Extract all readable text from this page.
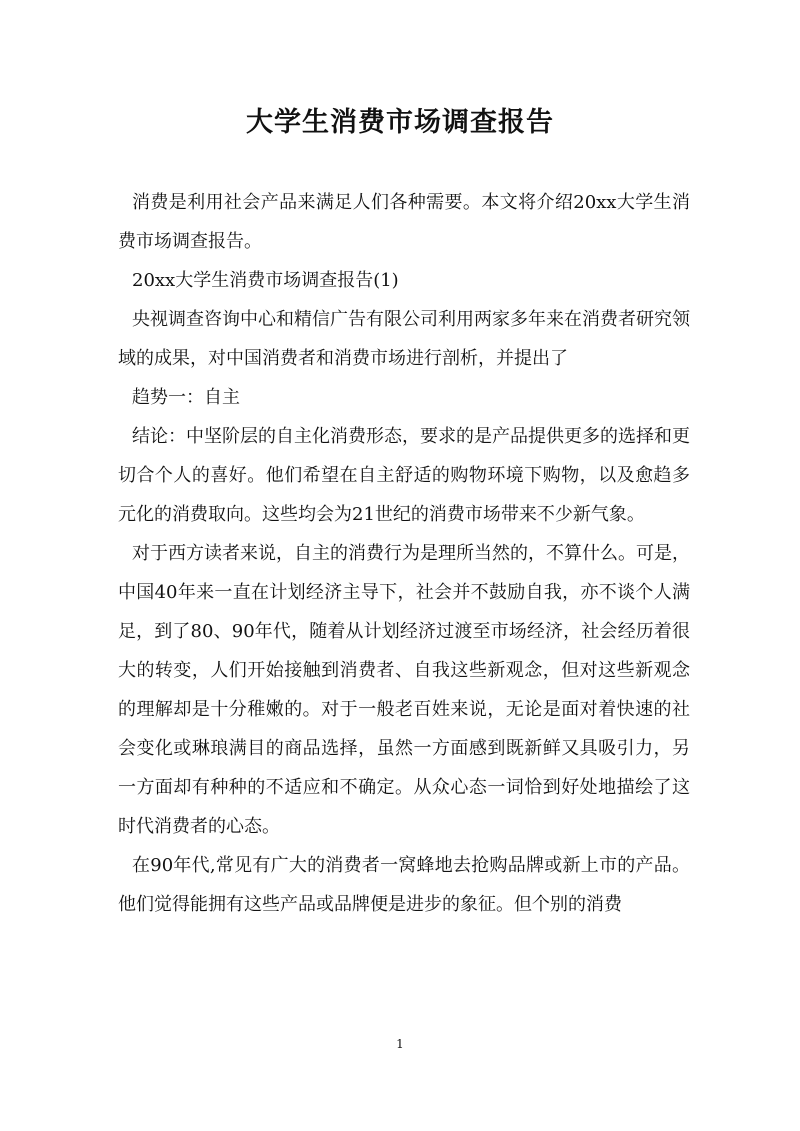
大学生消费市场调查报告

消费是利用社会产品来满足人们各种需要。本文将介绍20xx大学生消费市场调查报告。

20xx大学生消费市场调查报告(1)

央视调查咨询中心和精信广告有限公司利用两家多年来在消费者研究领域的成果，对中国消费者和消费市场进行剖析，并提出了

趋势一：自主

结论：中坚阶层的自主化消费形态，要求的是产品提供更多的选择和更切合个人的喜好。他们希望在自主舒适的购物环境下购物，以及愈趋多元化的消费取向。这些均会为21世纪的消费市场带来不少新气象。

对于西方读者来说，自主的消费行为是理所当然的，不算什么。可是，中国40年来一直在计划经济主导下，社会并不鼓励自我，亦不谈个人满足，到了80、90年代，随着从计划经济过渡至市场经济，社会经历着很大的转变，人们开始接触到消费者、自我这些新观念，但对这些新观念的理解却是十分稚嫩的。对于一般老百姓来说，无论是面对着快速的社会变化或琳琅满目的商品选择，虽然一方面感到既新鲜又具吸引力，另一方面却有种种的不适应和不确定。从众心态一词恰到好处地描绘了这时代消费者的心态。

在90年代,常见有广大的消费者一窝蜂地去抢购品牌或新上市的产品。他们觉得能拥有这些产品或品牌便是进步的象征。但个别的消费

1
